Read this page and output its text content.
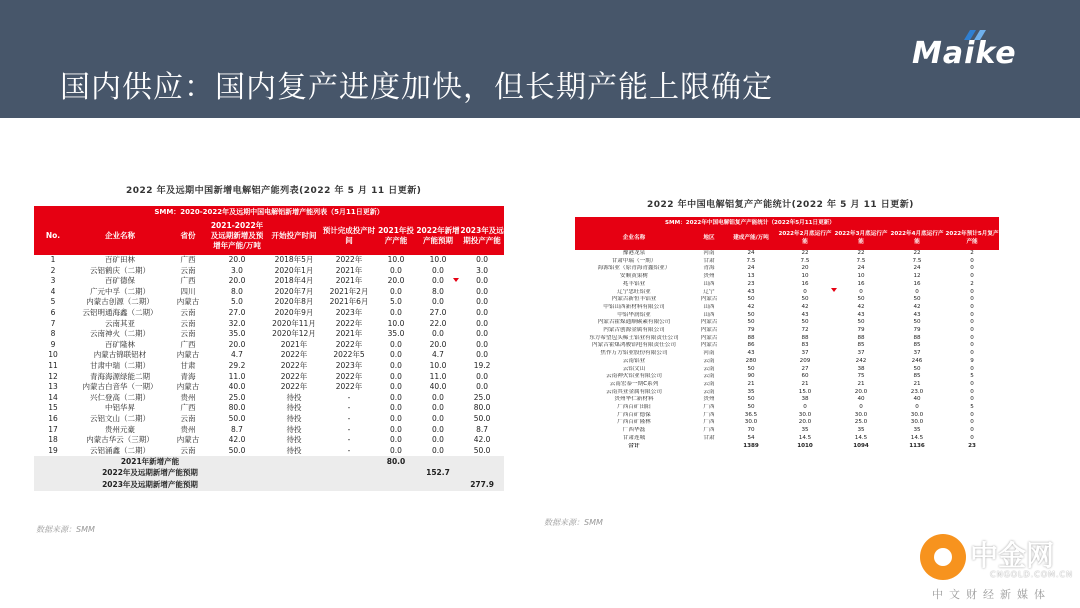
国内供应：国内复产进度加快，但长期产能上限确定
Maike
2022 年及远期中国新增电解铝产能列表(2022 年 5 月 11 日更新)
SMM：2020-2022年及远期中国电解铝新增产能列表（5月11日更新）								
No.	企业名称	省份	2021-2022年及远期新增及预增年产能/万吨	开始投产时间	预计完成投产时间	2021年投产产能	2022年新增产能预期	2023年及远期投产产能
1	百矿田林	广西	20.0	2018年5月	2022年	10.0	10.0	0.0
2	云铝鹤庆（二期）	云南	3.0	2020年1月	2021年	0.0	0.0	3.0
3	百矿德保	广西	20.0	2018年4月	2021年	20.0	0.0	0.0
4	广元中孚（二期）	四川	8.0	2020年7月	2021年2月	0.0	8.0	0.0
5	内蒙古创源（二期）	内蒙古	5.0	2020年8月	2021年6月	5.0	0.0	0.0
6	云铝明通海鑫（二期）	云南	27.0	2020年9月	2023年	0.0	27.0	0.0
7	云南其亚	云南	32.0	2020年11月	2022年	10.0	22.0	0.0
8	云南神火（二期）	云南	35.0	2020年12月	2021年	35.0	0.0	0.0
9	百矿隆林	广西	20.0	2021年	2022年	0.0	20.0	0.0
10	内蒙古锦联铝材	内蒙古	4.7	2022年	2022年5	0.0	4.7	0.0
11	甘肃中瑞（二期）	甘肃	29.2	2022年	2023年	0.0	10.0	19.2
12	青海海源绿能二期	青海	11.0	2022年	2022年	0.0	11.0	0.0
13	内蒙古白音华（一期）	内蒙古	40.0	2022年	2022年	0.0	40.0	0.0
14	兴仁登高（二期）	贵州	25.0	待投	-	0.0	0.0	25.0
15	中铝华昇	广西	80.0	待投	-	0.0	0.0	80.0
16	云铝文山（二期）	云南	50.0	待投	-	0.0	0.0	50.0
17	贵州元豪	贵州	8.7	待投	-	0.0	0.0	8.7
18	内蒙古华云（三期）	内蒙古	42.0	待投	-	0.0	0.0	42.0
19	云铝涌鑫（二期）	云南	50.0	待投	-	0.0	0.0	50.0
2021年新增产能						80.0		
2022年及远期新增产能预期							152.7	
2023年及远期新增产能预期								277.9
数据来源：SMM
2022 年中国电解铝复产产能统计(2022 年 5 月 11 日更新)
SMM：2022年中国电解铝复产产能统计（2022年5月11日更新）						
企业名称	地区	建成产能/万吨	2022年2月底运行产能	2022年3月底运行产能	2022年4月底运行产能	2022年预计5月复产产能
豫港龙泉	河南	24	22	22	22	2
甘肃中瑞（一期）	甘肃	7.5	7.5	7.5	7.5	0
海源铝业（原青海青鑫铝业）	青海	24	20	24	24	0
安顺黄果树	贵州	13	10	10	12	0
兆丰铝业	山西	23	16	16	16	2
辽宁忠旺铝业	辽宁	43	0	0	0	0
内蒙古新恒丰铝业	内蒙古	50	50	50	50	0
中铝山西新材料有限公司	山西	42	42	42	42	0
中铝华润铝业	山西	50	43	43	43	0
内蒙古霍煤通顺碳素有限公司	内蒙古	50	50	50	50	0
内蒙古创源金属有限公司	内蒙古	79	72	79	79	0
东方希望包头稀土铝业有限责任公司	内蒙古	88	88	88	88	0
内蒙古霍煤鸿骏铝电有限责任公司	内蒙古	86	83	85	85	0
焦作万方铝业股份有限公司	河南	43	37	37	37	0
云南铝业	云南	280	209	242	246	9
云铝文山	云南	50	27	38	50	0
云南神火铝业有限公司	云南	90	60	75	85	5
云南宏泰一期C系列	云南	21	21	21	21	0
云南其亚金属有限公司	云南	35	15.0	20.0	23.0	0
贵州华仁新材料	贵州	50	38	40	40	0
广西百矿田阳	广西	50	0	0	0	5
广西百矿德保	广西	36.5	30.0	30.0	30.0	0
广西百矿隆林	广西	30.0	20.0	25.0	30.0	0
广西华磊	广西	70	35	35	35	0
甘肃连城	甘肃	54	14.5	14.5	14.5	0
合计		1389	1010	1094	1136	23
数据来源：SMM
中金网
CNGOLD.COM.CN
中文财经新媒体
